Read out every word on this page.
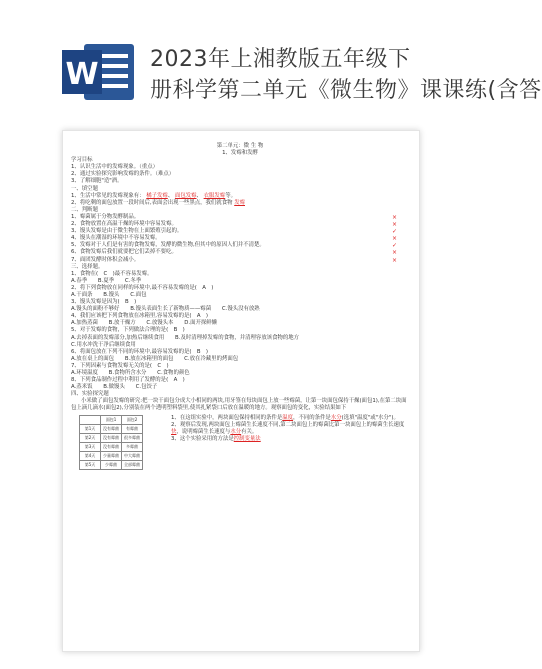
W 2023年上湘教版五年级下
册科学第二单元《微生物》课课练(含答
第二单元：微 生 物
1、发霉和发酵
学习目标
1、认识生活中的发霉现象。（重点）
2、通过实验探究影响发霉的条件。（难点）
3、了解细胞"造"酒。
一、填空题
1、生活中常见的发霉现象有： 橘子发霉、 面包发霉、 衣服发霉等。
2、将吃剩的面包放置一段时间后,表面会出现一些黑点，我们就食物 发霉
二、判断题
1、霉菌属于分物发酵制品。	×
2、食物放置在高温干燥的环境中容易发霉。	×
3、馒头发霉是由于微生物在上面繁殖引起的。	✓
4、馒头在潮湿的环境中不容易发霉。	×
5、发霉对于人们是有害的食物发霉，发酵的微生物,但其中的原因人们并不清楚。	✓
6、食物发霉后我们就要把它们丢掉不要吃。	×
7、面团发酵时体积会减小。	×
三、选择题。
1、食物在(　C　)最不容易发霉。
A.春季　　B.夏季　　C.冬季
2、将下列食物放在同样的环境中,最不容易发霉的是(　A　)
A.干面条　　B.馒头　　C.面包
3、馒头发霉是因为(　B　)
A.馒头的面粉不够好　　B.馒头表面生长了新物质——霉菌　　C.馒头没有放熟
4、我们应该把下列食物放在冰箱里,容易发霉的是(　A　)
A.加热蒸菌　　B.放干燥方　　C.放馒头本　　D.面开探鲜懒
5、对于发霉的食物，下列做法合理的是(　B　)
A.去掉表面的发霉部分,加热后继续食用　　B.及时清理掉发霉的食物，并清理容放该食物的地方
C.用水冲洗干净后继续食用
6、将面包放在下列不同的环境中,最容易发霉的是(　B　)
A.放在桌上的面包　　B.放在冰箱里的面包　　C.放在冷藏里的烤面包
7、下列因素与食物发霉无关的是(　C　)
A.环境温度　　B.食物所含水分　　C.食物的颜色
8、下列食品制作过程中利用了发酵的是(　A　)
A.蒸米饭　　B.做馒头　　C.包饺子
四、实验探究题
小米做了面包发霉的研究:把一块干面包分成大小相同的两块,用牙签在每块面包上放一些霉菌，让第一块面包保持干燥(面包1),在第二块面包上滴几滴水(面包2),分别装在两个透明塑料袋里,使其扎紧袋口后放在温暖的地方。观察面包的变化，实验结果如下
	面包1	面包2
第1天	没有霉菌	有霉菌
第2天	没有霉菌	很多霉菌
第3天	没有霉菌	多霉菌
第4天	少量霉菌	中大霉菌
第5天	少霉菌	全部霉菌
1、在这组实验中，两块面包保持相同的条件是温度，不同的条件是水分(选填"温度"或"水分")。
2、观察后发现,两块面包上霉菌生长速度不同,第二块面包上的霉菌比第一块面包上的霉菌生长速度快，说明霉菌生长速度与水分有关。
3、这个实验采用的方法是控制变量法
